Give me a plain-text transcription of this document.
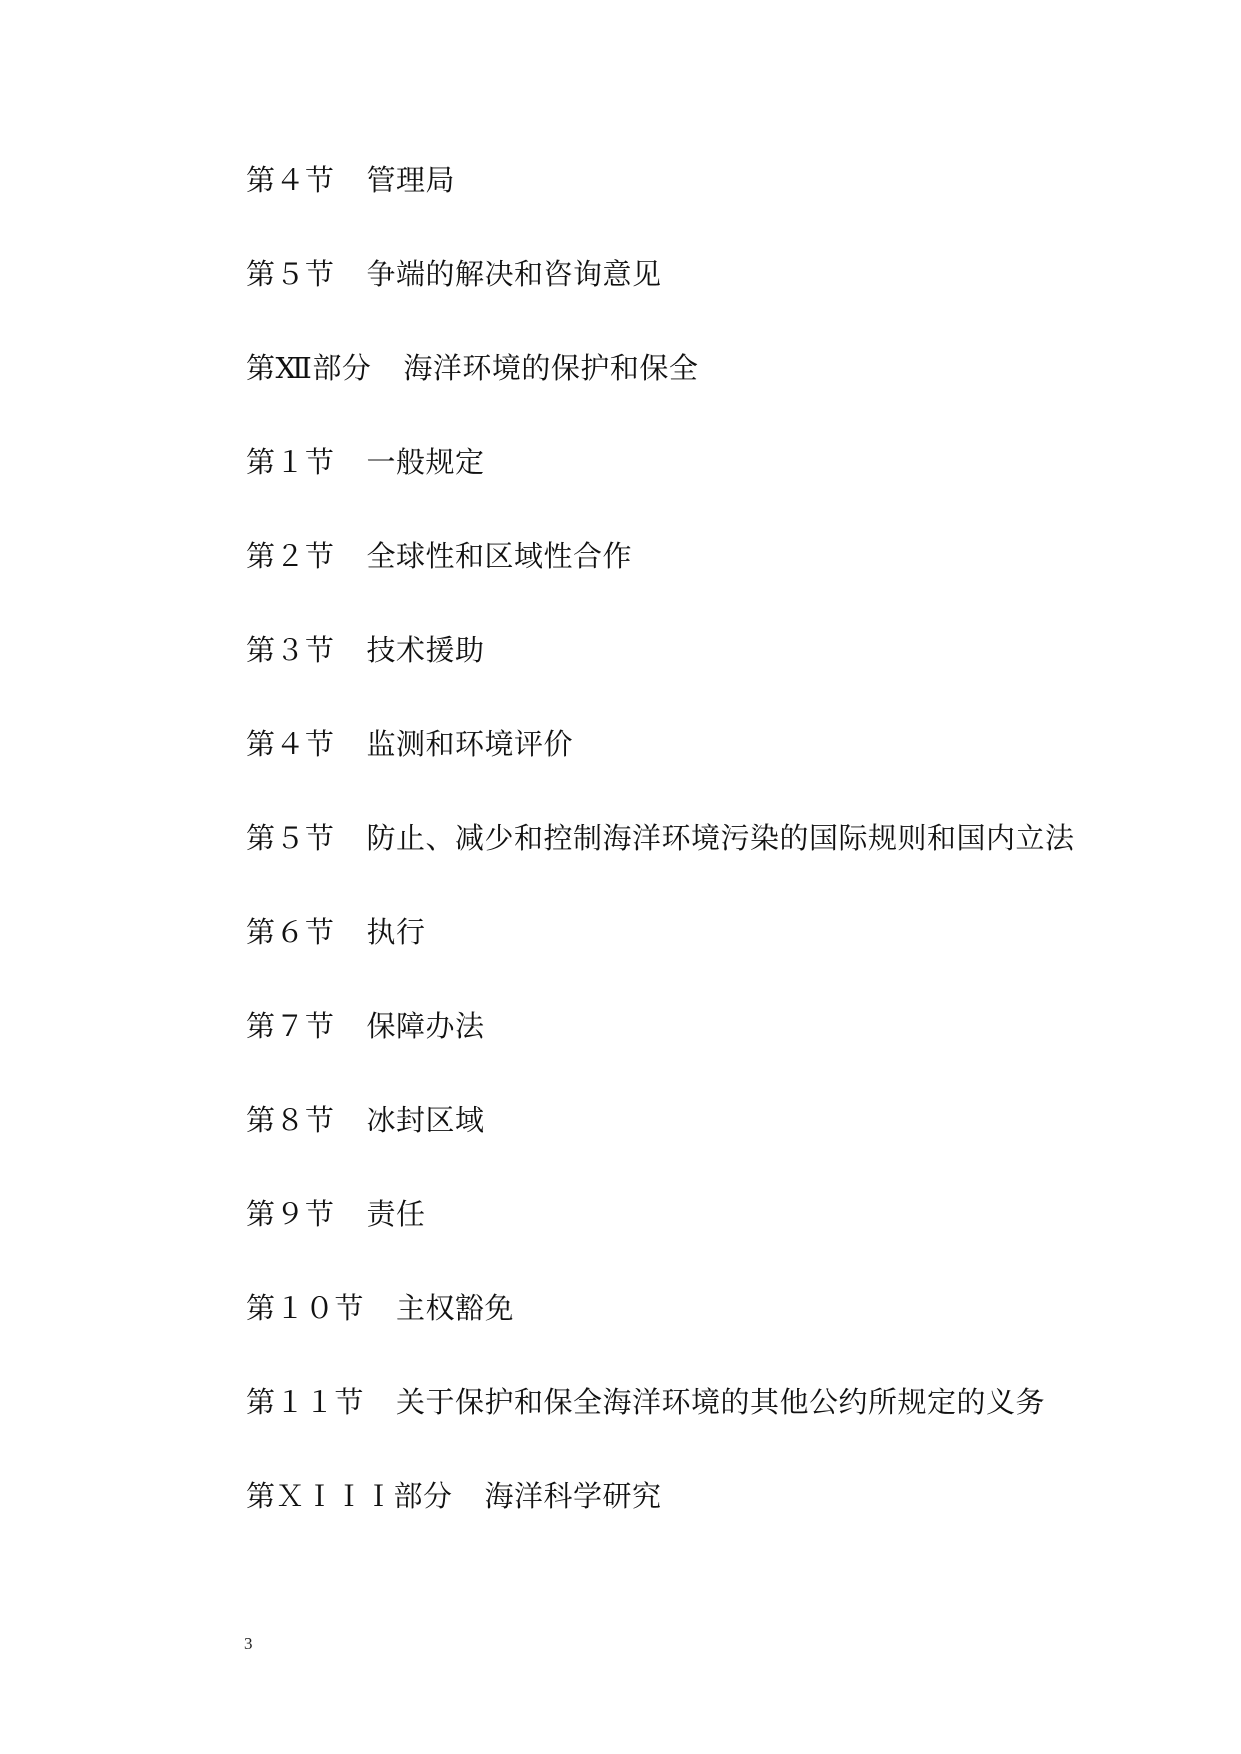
第４节 管理局
第５节 争端的解决和咨询意见
第Ⅻ部分 海洋环境的保护和保全
第１节 一般规定
第２节 全球性和区域性合作
第３节 技术援助
第４节 监测和环境评价
第５节 防止、减少和控制海洋环境污染的国际规则和国内立法
第６节 执行
第７节 保障办法
第８节 冰封区域
第９节 责任
第１０节 主权豁免
第１１节 关于保护和保全海洋环境的其他公约所规定的义务
第ＸＩＩＩ部分 海洋科学研究
3
